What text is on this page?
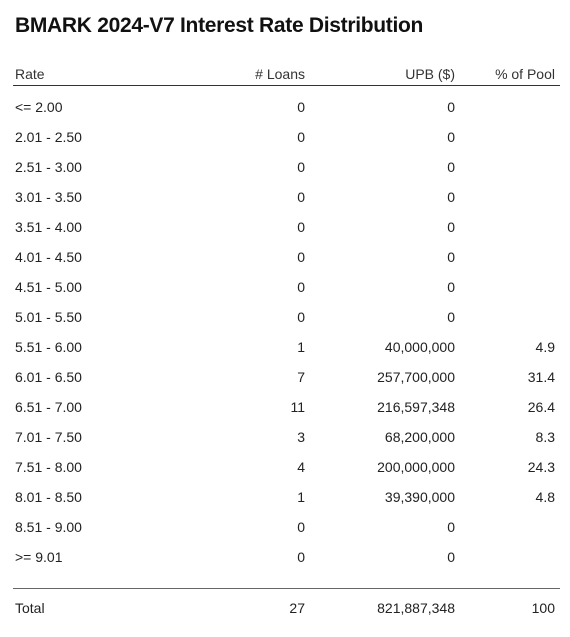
BMARK 2024-V7 Interest Rate Distribution
Rate	# Loans	UPB ($)	% of Pool
<= 2.00	0	0
2.01 - 2.50	0	0
2.51 - 3.00	0	0
3.01 - 3.50	0	0
3.51 - 4.00	0	0
4.01 - 4.50	0	0
4.51 - 5.00	0	0
5.01 - 5.50	0	0
5.51 - 6.00	1	40,000,000	4.9
6.01 - 6.50	7	257,700,000	31.4
6.51 - 7.00	11	216,597,348	26.4
7.01 - 7.50	3	68,200,000	8.3
7.51 - 8.00	4	200,000,000	24.3
8.01 - 8.50	1	39,390,000	4.8
8.51 - 9.00	0	0
>= 9.01	0	0
Total	27	821,887,348	100
